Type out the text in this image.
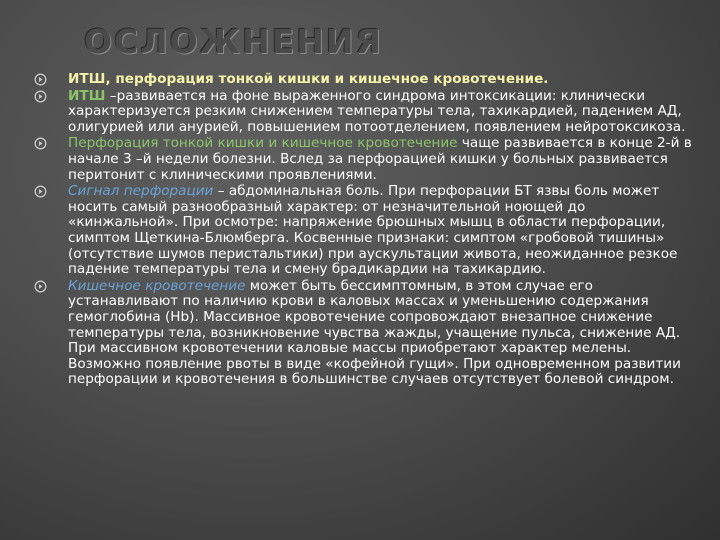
ОСЛОЖНЕНИЯ
ИТШ, перфорация тонкой кишки и кишечное кровотечение.
ИТШ –развивается на фоне выраженного синдрома интоксикации: клинически характеризуется резким снижением температуры тела, тахикардией, падением АД, олигурией или анурией, повышением потоотделением, появлением нейротоксикоза.
Перфорация тонкой кишки и кишечное кровотечение чаще развивается в конце 2-й в начале 3 –й недели болезни. Вслед за перфорацией кишки у больных развивается перитонит с клиническими проявлениями.
Сигнал перфорации – абдоминальная боль. При перфорации БТ язвы боль может носить самый разнообразный характер: от незначительной ноющей до «кинжальной». При осмотре: напряжение брюшных мышц в области перфорации, симптом Щеткина-Блюмберга. Косвенные признаки: симптом «гробовой тишины» (отсутствие шумов перистальтики) при аускультации живота, неожиданное резкое падение температуры тела и смену брадикардии на тахикардию.
Кишечное кровотечение может быть бессимптомным, в этом случае его устанавливают по наличию крови в каловых массах и уменьшению содержания гемоглобина (Hb). Массивное кровотечение сопровождают внезапное снижение температуры тела, возникновение чувства жажды, учащение пульса, снижение АД. При массивном кровотечении каловые массы приобретают характер мелены. Возможно появление рвоты в виде «кофейной гущи». При одновременном развитии перфорации и кровотечения в большинстве случаев отсутствует болевой синдром.
